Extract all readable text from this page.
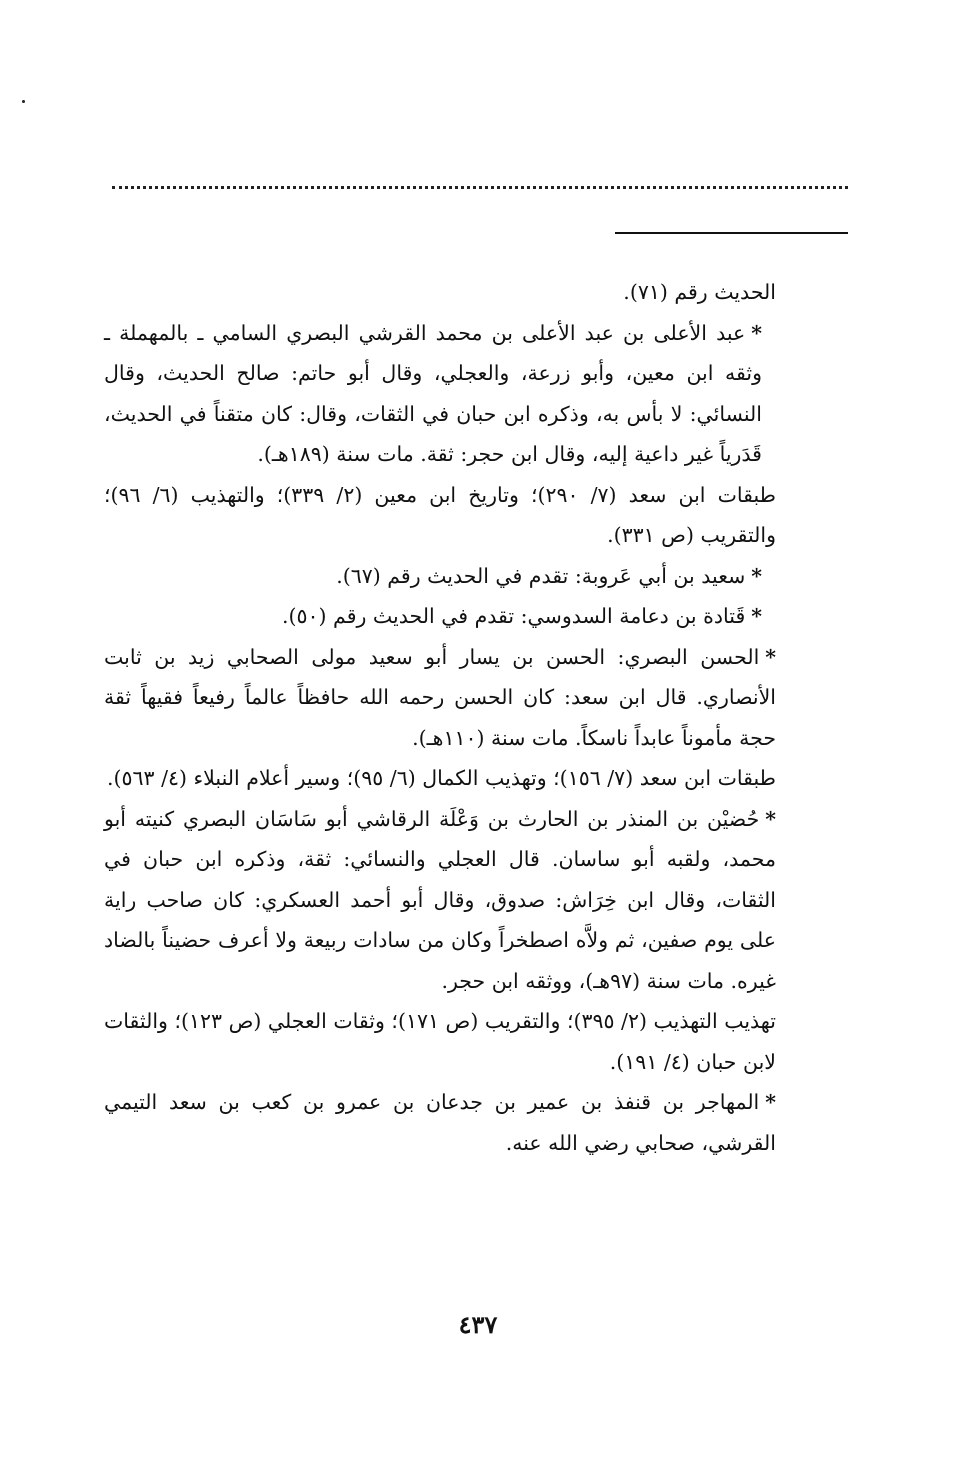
الحديث رقم (٧١).

*عبد الأعلى بن عبد الأعلى بن محمد القرشي البصري السامي ـ بالمهملة ـ وثقه ابن معين، وأبو زرعة، والعجلي، وقال أبو حاتم: صالح الحديث، وقال النسائي: لا بأس به، وذكره ابن حبان في الثقات، وقال: كان متقناً في الحديث، قَدَرياً غير داعية إليه، وقال ابن حجر: ثقة. مات سنة (١٨٩هـ).

طبقات ابن سعد (٧/ ٢٩٠)؛ وتاريخ ابن معين (٢/ ٣٣٩)؛ والتهذيب (٦/ ٩٦)؛ والتقريب (ص ٣٣١).

*سعيد بن أبي عَروبة: تقدم في الحديث رقم (٦٧).

*قَتادة بن دعامة السدوسي: تقدم في الحديث رقم (٥٠).

*الحسن البصري: الحسن بن يسار أبو سعيد مولى الصحابي زيد بن ثابت الأنصاري. قال ابن سعد: كان الحسن رحمه الله حافظاً عالماً رفيعاً فقيهاً ثقة حجة مأموناً عابداً ناسكاً. مات سنة (١١٠هـ).

طبقات ابن سعد (٧/ ١٥٦)؛ وتهذيب الكمال (٦/ ٩٥)؛ وسير أعلام النبلاء (٤/ ٥٦٣).

*حُضيْن بن المنذر بن الحارث بن وَعْلَة الرقاشي أبو سَاسَان البصري كنيته أبو محمد، ولقبه أبو ساسان. قال العجلي والنسائي: ثقة، وذكره ابن حبان في الثقات، وقال ابن خِرَاش: صدوق، وقال أبو أحمد العسكري: كان صاحب راية على يوم صفين، ثم ولاَّه اصطخراً وكان من سادات ربيعة ولا أعرف حضيناً بالضاد غيره. مات سنة (٩٧هـ)، ووثقه ابن حجر.

تهذيب التهذيب (٢/ ٣٩٥)؛ والتقريب (ص ١٧١)؛ وثقات العجلي (ص ١٢٣)؛ والثقات لابن حبان (٤/ ١٩١).

*المهاجر بن قنفذ بن عمير بن جدعان بن عمرو بن كعب بن سعد التيمي القرشي، صحابي رضي الله عنه.

٤٣٧
